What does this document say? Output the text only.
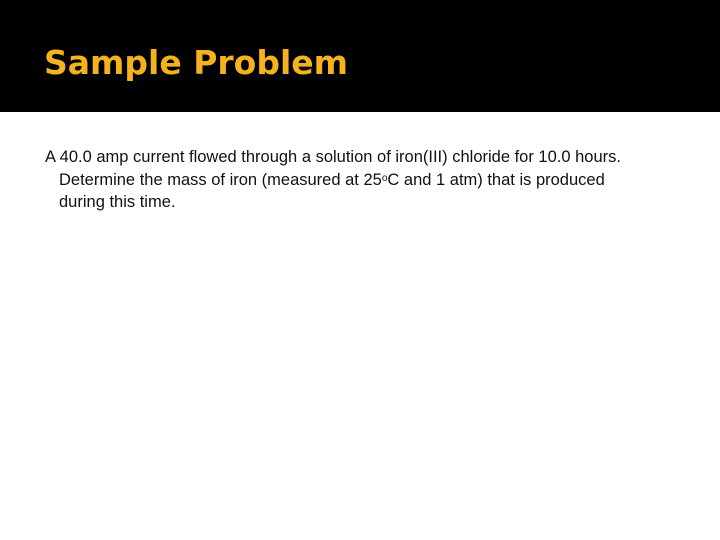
Sample Problem

A 40.0 amp current flowed through a solution of iron(III) chloride for 10.0 hours.
Determine the mass of iron (measured at 25$^o$C and 1 atm) that is produced
during this time.
